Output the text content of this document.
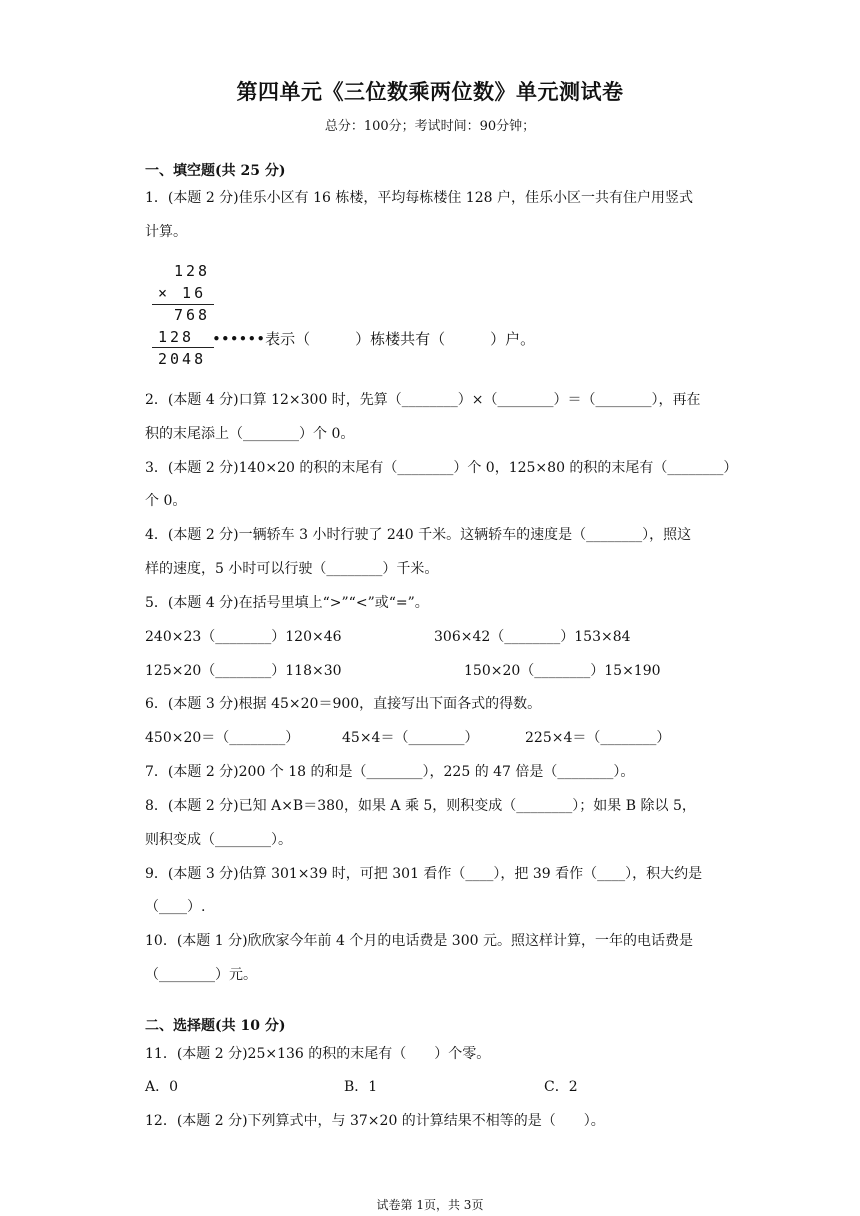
第四单元《三位数乘两位数》单元测试卷
总分：100分；考试时间：90分钟；
一、填空题(共 25 分)
1．(本题 2 分)佳乐小区有 16 栋楼，平均每栋楼住 128 户，佳乐小区一共有住户用竖式
计算。
128
× 16
768
128
2048
••••••表示（　　　）栋楼共有（　　　）户。
2．(本题 4 分)口算 12×300 时，先算（________）×（________）＝（________），再在
积的末尾添上（________）个 0。
3．(本题 2 分)140×20 的积的末尾有（________）个 0，125×80 的积的末尾有（________）
个 0。
4．(本题 2 分)一辆轿车 3 小时行驶了 240 千米。这辆轿车的速度是（________），照这
样的速度，5 小时可以行驶（________）千米。
5．(本题 4 分)在括号里填上“>”“<”或“=”。
240×23（________）120×46	306×42（________）153×84
125×20（________）118×30	150×20（________）15×190
6．(本题 3 分)根据 45×20＝900，直接写出下面各式的得数。
450×20＝（________）	45×4＝（________）	225×4＝（________）
7．(本题 2 分)200 个 18 的和是（________），225 的 47 倍是（________）。
8．(本题 2 分)已知 A×B＝380，如果 A 乘 5，则积变成（________）；如果 B 除以 5，
则积变成（________）。
9．(本题 3 分)估算 301×39 时，可把 301 看作（____），把 39 看作（____），积大约是
（____）.
10．(本题 1 分)欣欣家今年前 4 个月的电话费是 300 元。照这样计算，一年的电话费是
（________）元。
二、选择题(共 10 分)
11．(本题 2 分)25×136 的积的末尾有（　　）个零。
A．0	B．1	C．2
12．(本题 2 分)下列算式中，与 37×20 的计算结果不相等的是（　　）。
试卷第 1页，共 3页
